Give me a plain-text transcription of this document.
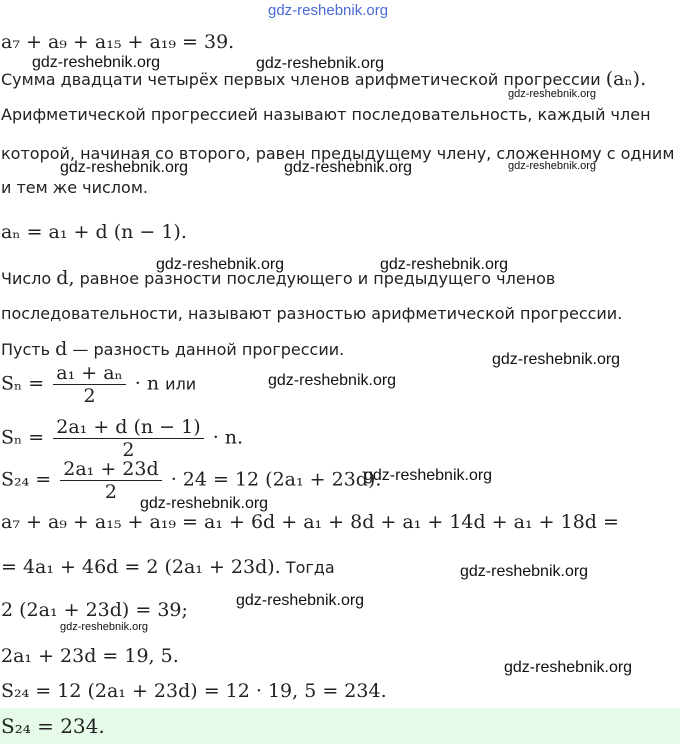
gdz-reshebnik.org
gdz-reshebnik.org	gdz-reshebnik.org
gdz-reshebnik.org
gdz-reshebnik.org	gdz-reshebnik.org	gdz-reshebnik.org
gdz-reshebnik.org	gdz-reshebnik.org
gdz-reshebnik.org
gdz-reshebnik.org
gdz-reshebnik.org
gdz-reshebnik.org
gdz-reshebnik.org
gdz-reshebnik.org
gdz-reshebnik.org
gdz-reshebnik.org
a₇ + a₉ + a₁₅ + a₁₉ = 39.
Сумма двадцати четырёх первых членов арифметической прогрессии (aₙ).
Арифметической прогрессией называют последовательность, каждый член
которой, начиная со второго, равен предыдущему члену, сложенному с одним
и тем же числом.
aₙ = a₁ + d (n − 1).
Число d, равное разности последующего и предыдущего членов
последовательности, называют разностью арифметической прогрессии.
Пусть d — разность данной прогрессии.
$S_n = \frac{\text{a₁ + aₙ}}{2} \cdot n$ или
$S_n = \frac{\text{2a₁ + d (n − 1)}}{2} \cdot n$.
$S_{24} = \frac{\text{2a₁ + 23d}}{2} \cdot 24 = 12$ (2a₁ + 23d).
a₇ + a₉ + a₁₅ + a₁₉ = a₁ + 6d + a₁ + 8d + a₁ + 14d + a₁ + 18d =
= 4a₁ + 46d = 2 (2a₁ + 23d). Тогда
2 (2a₁ + 23d) = 39;
2a₁ + 23d = 19, 5.
S₂₄ = 12 (2a₁ + 23d) = 12 · 19, 5 = 234.
S₂₄ = 234.
